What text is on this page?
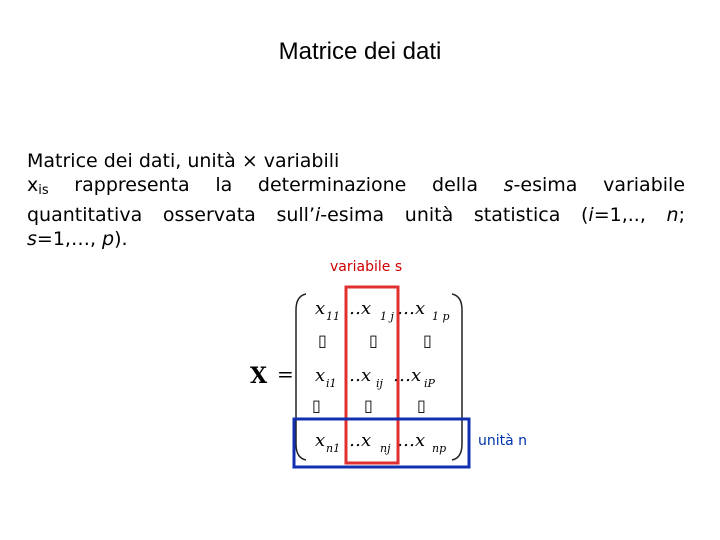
Matrice dei dati
Matrice dei dati, unità × variabili
$x_{is}$ rappresenta la determinazione della s-esima variabile quantitativa osservata sull’i-esima unità statistica (i=1,.., n;
s=1,…, p).
variabile s
X =
x 11 …x 1 j …x 1 p
▯	▯	▯
x i1 …x ij …x iP
▯	▯	▯
x n1 …x nj …x np unità n
